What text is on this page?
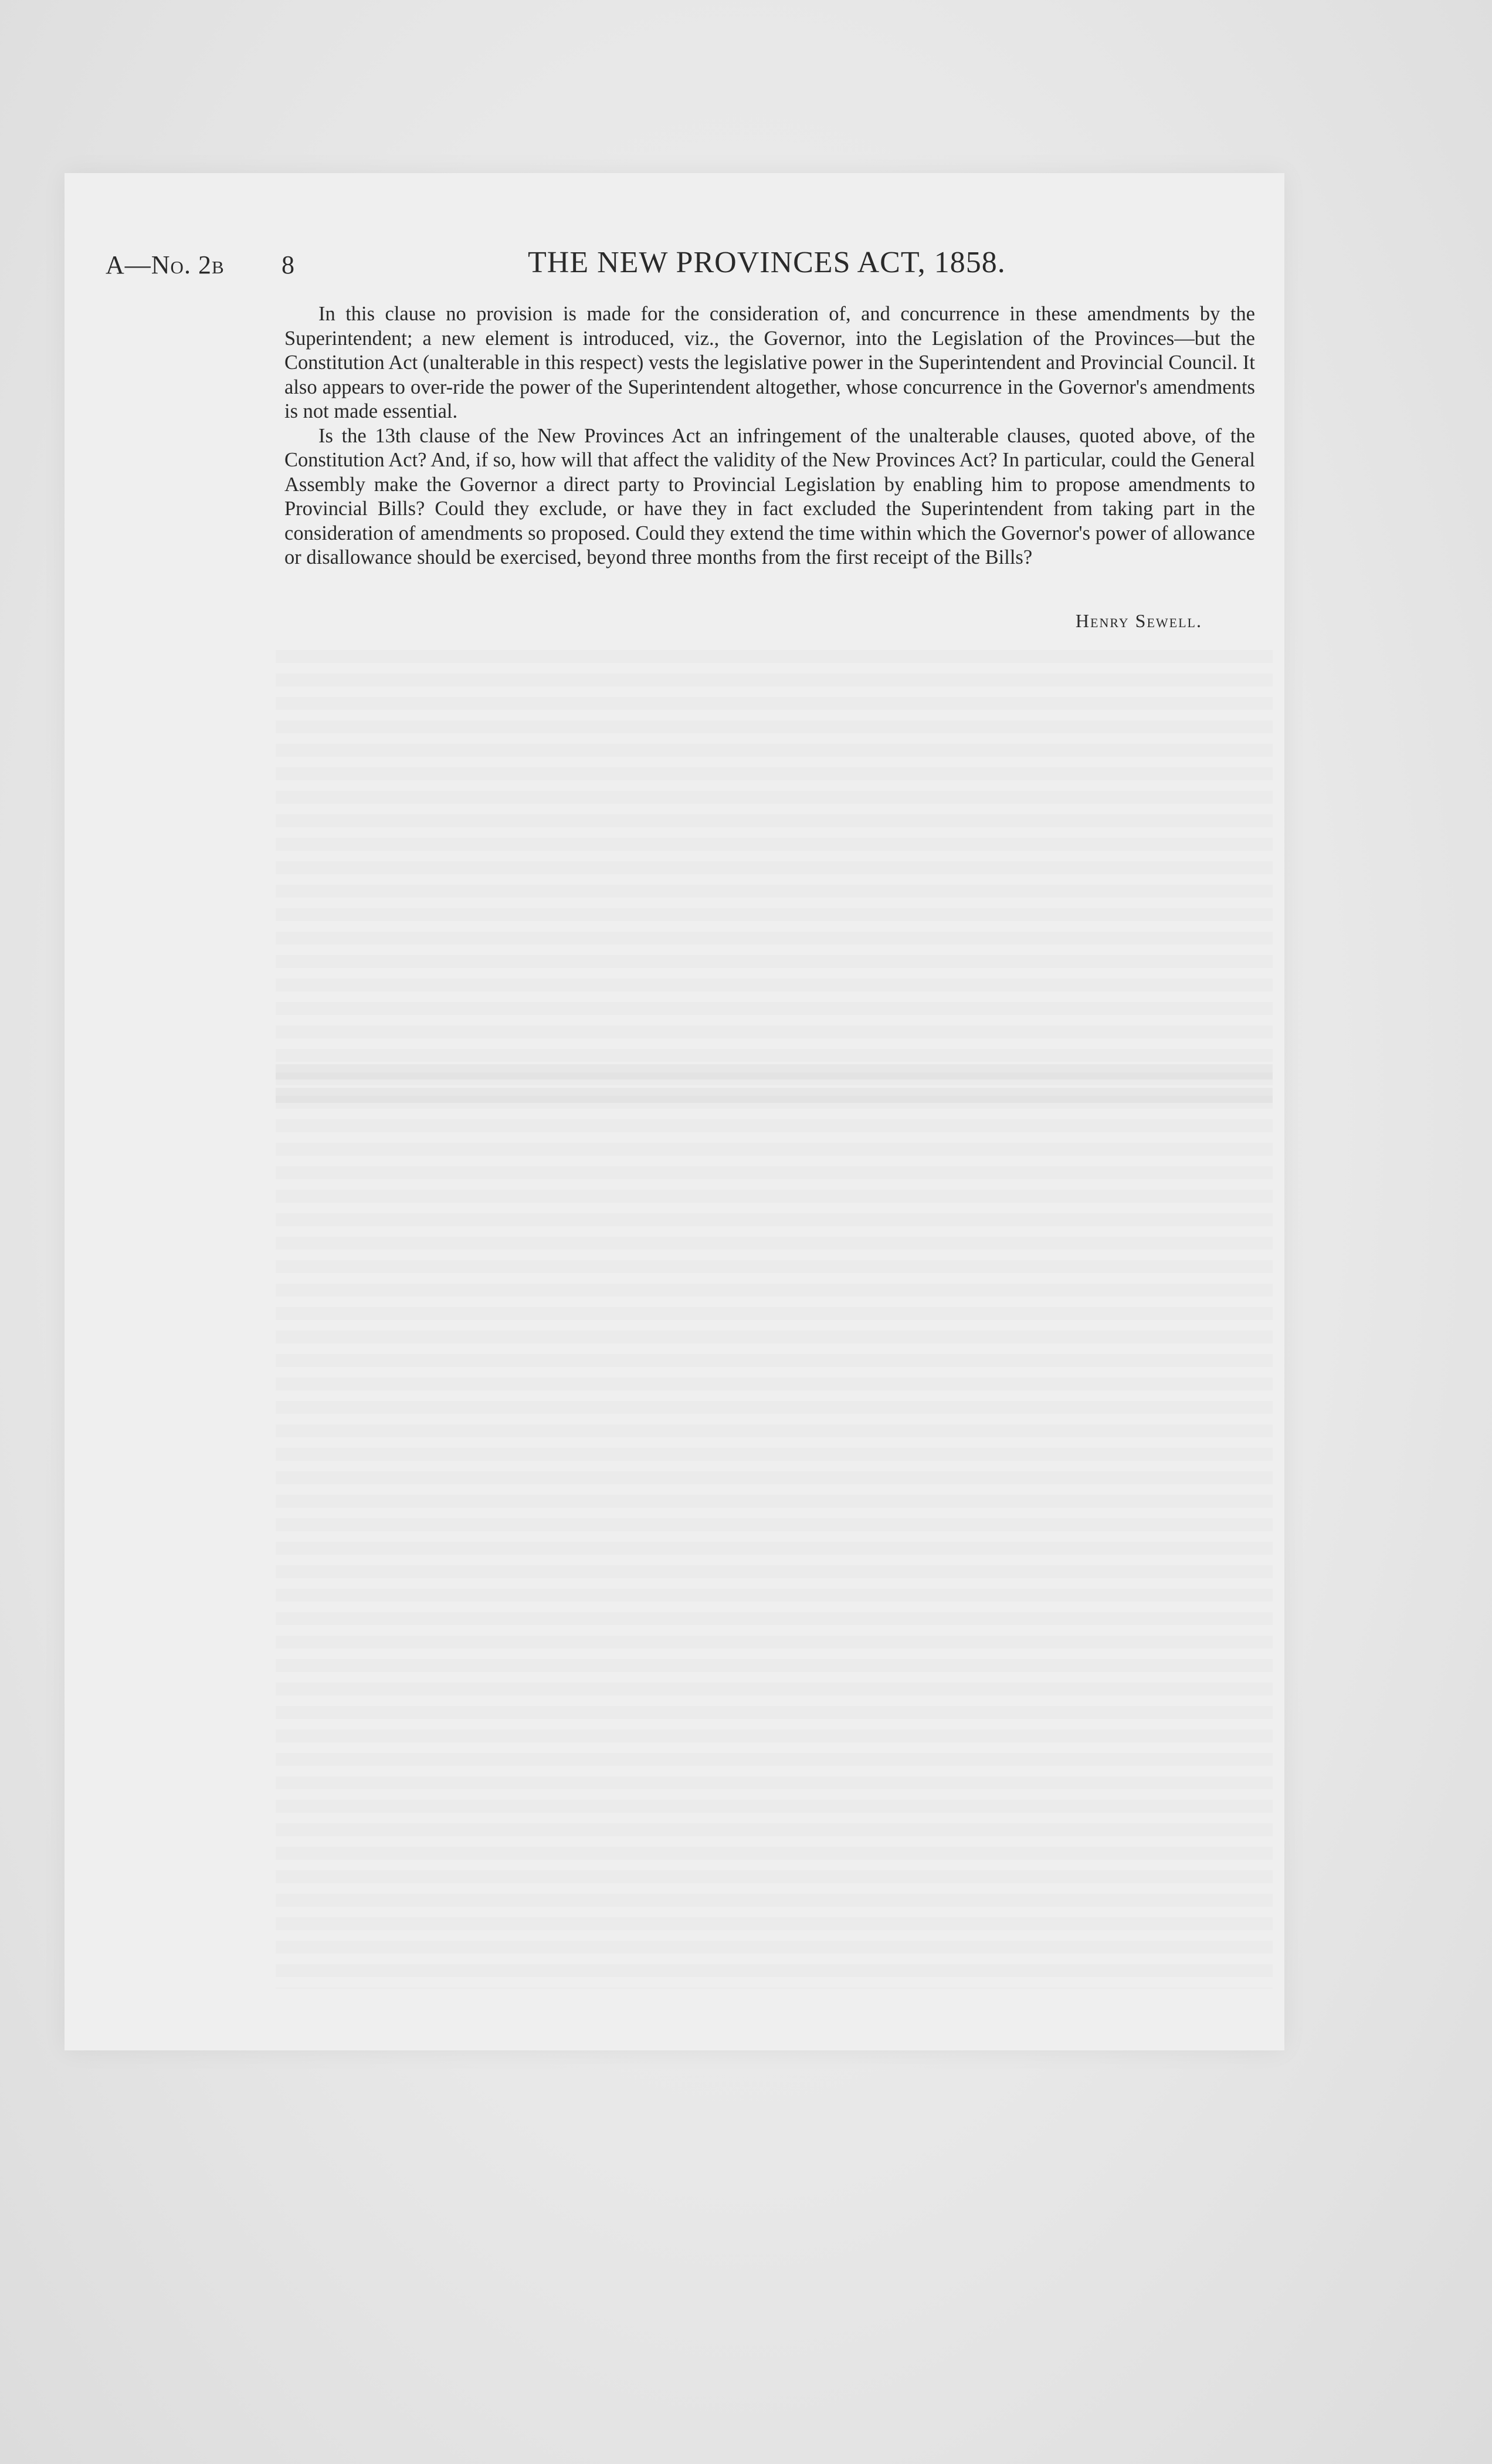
A—No. 2b 8	THE NEW PROVINCES ACT, 1858.

In this clause no provision is made for the consideration of, and concurrence in these amendments by the Superintendent; a new element is introduced, viz., the Governor, into the Legislation of the Provinces—but the Constitution Act (unalterable in this respect) vests the legislative power in the Superintendent and Provincial Council. It also appears to over-ride the power of the Superintendent altogether, whose concurrence in the Governor's amendments is not made essential.

Is the 13th clause of the New Provinces Act an infringement of the unalterable clauses, quoted above, of the Constitution Act? And, if so, how will that affect the validity of the New Provinces Act? In particular, could the General Assembly make the Governor a direct party to Provincial Legislation by enabling him to propose amendments to Provincial Bills? Could they exclude, or have they in fact excluded the Superintendent from taking part in the consideration of amendments so proposed. Could they extend the time within which the Governor's power of allowance or disallowance should be exercised, beyond three months from the first receipt of the Bills?

Henry Sewell.
